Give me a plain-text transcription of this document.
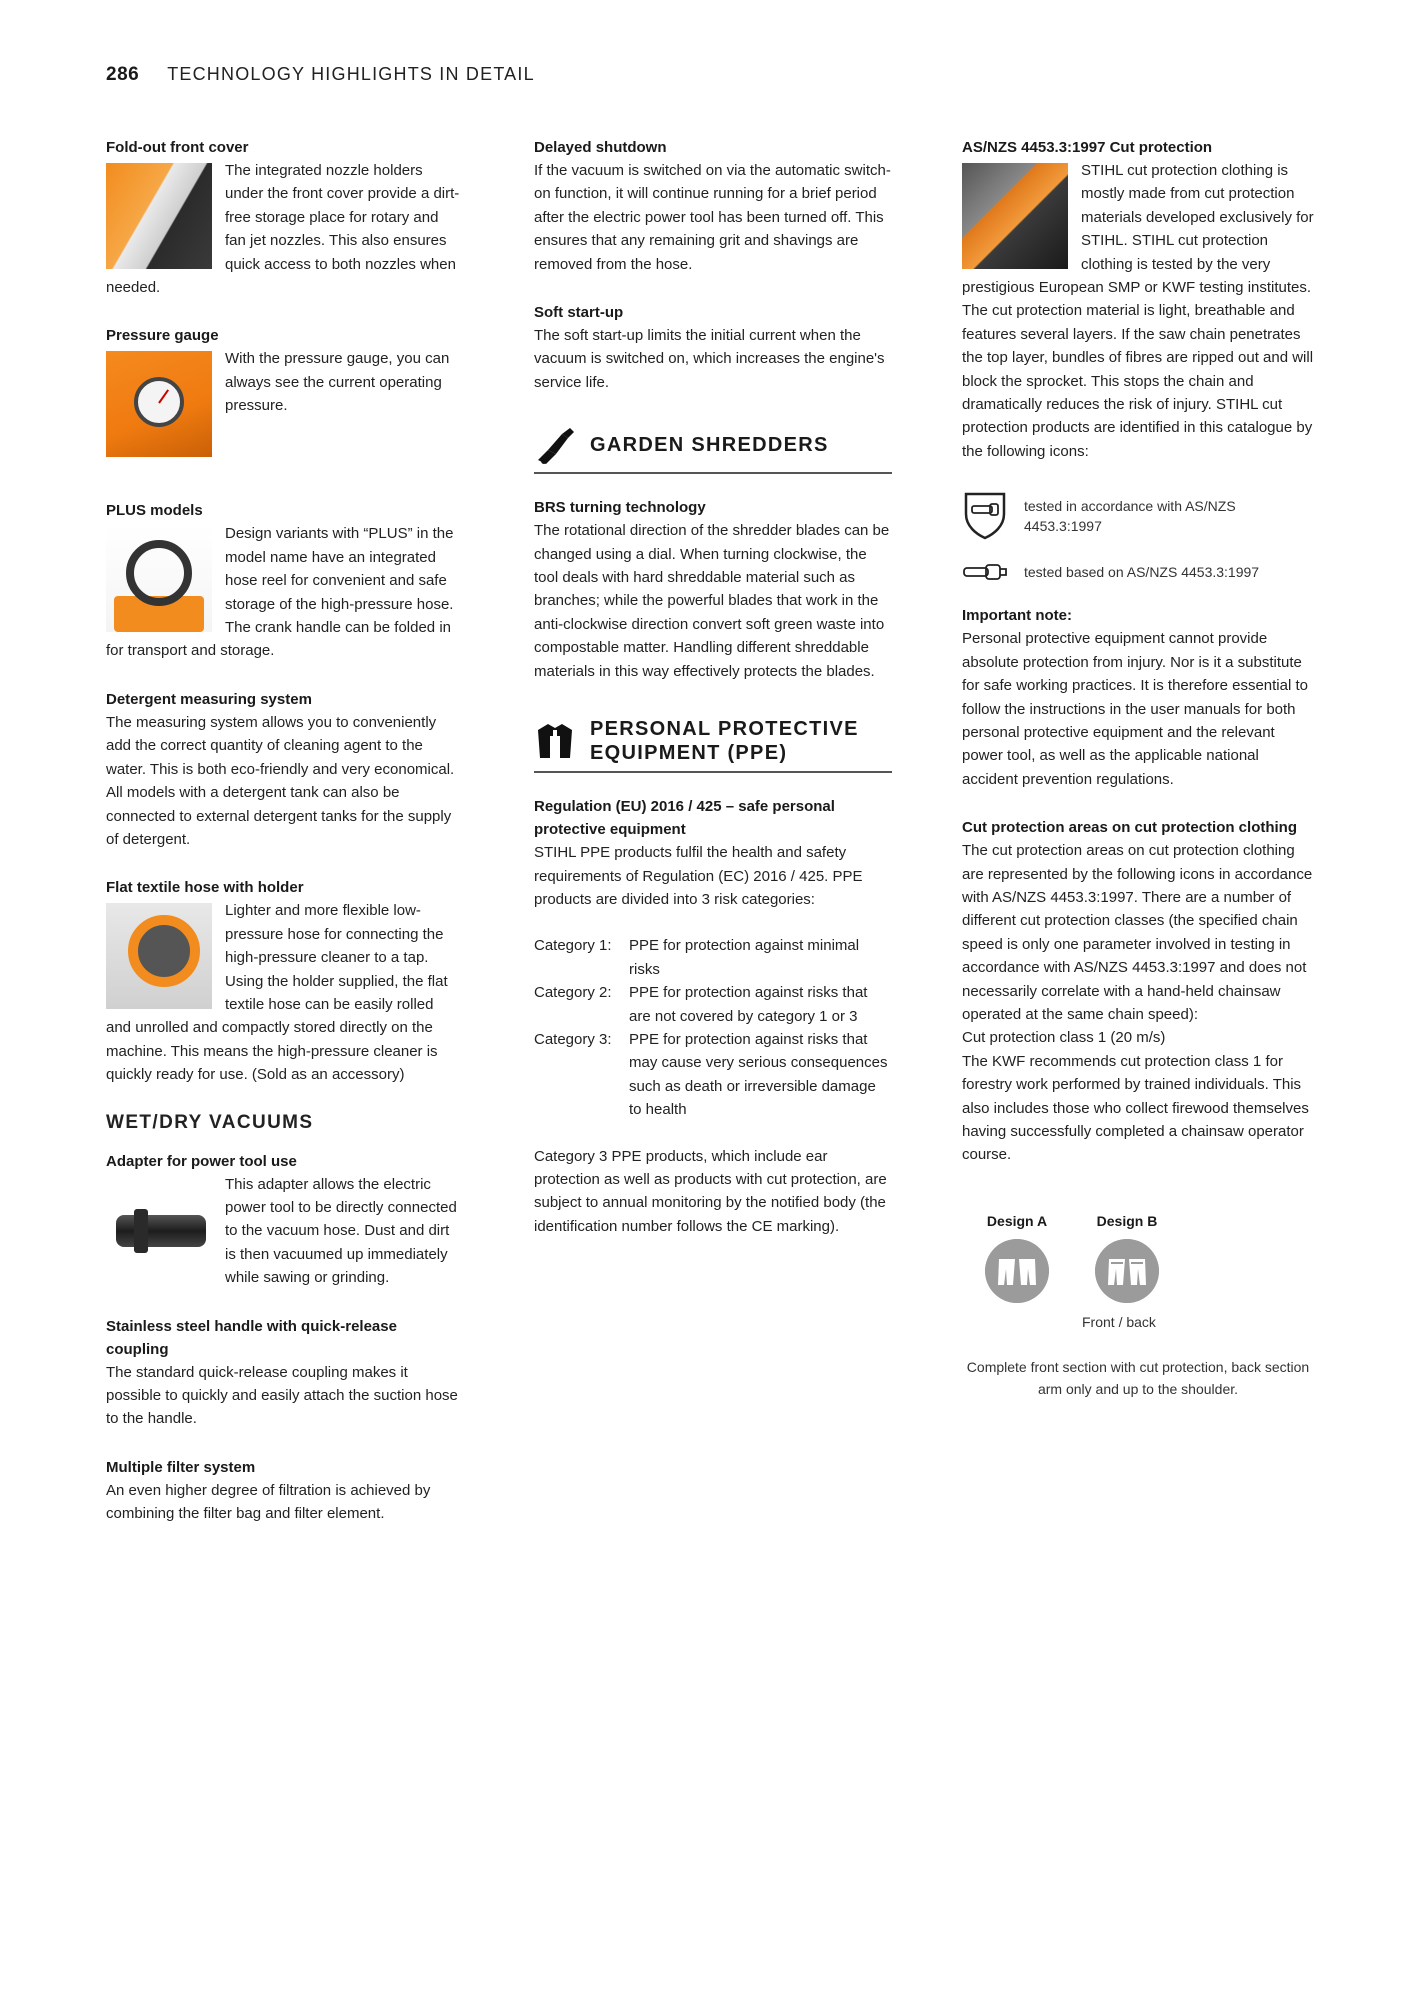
286 TECHNOLOGY HIGHLIGHTS IN DETAIL
Fold-out front cover

The integrated nozzle holders under the front cover provide a dirt-free storage place for rotary and fan jet nozzles. This also ensures quick access to both nozzles when needed.

Pressure gauge

With the pressure gauge, you can always see the current operating pressure.

PLUS models

Design variants with “PLUS” in the model name have an integrated hose reel for convenient and safe storage of the high-pressure hose. The crank handle can be folded in for transport and storage.

Detergent measuring system

The measuring system allows you to conveniently add the correct quantity of cleaning agent to the water. This is both eco-friendly and very economical. All models with a detergent tank can also be connected to external detergent tanks for the supply of detergent.

Flat textile hose with holder

Lighter and more flexible low-pressure hose for connecting the high-pressure cleaner to a tap. Using the holder supplied, the flat textile hose can be easily rolled and unrolled and compactly stored directly on the machine. This means the high-pressure cleaner is quickly ready for use. (Sold as an accessory)

WET/DRY VACUUMS
Adapter for power tool use

This adapter allows the electric power tool to be directly connected to the vacuum hose. Dust and dirt is then vacuumed up immediately while sawing or grinding.

Stainless steel handle with quick-release coupling

The standard quick-release coupling makes it possible to quickly and easily attach the suction hose to the handle.

Multiple filter system

An even higher degree of filtration is achieved by combining the filter bag and filter element.

Delayed shutdown

If the vacuum is switched on via the automatic switch-on function, it will continue running for a brief period after the electric power tool has been turned off. This ensures that any remaining grit and shavings are removed from the hose.

Soft start-up

The soft start-up limits the initial current when the vacuum is switched on, which increases the engine's service life.

GARDEN SHREDDERS
BRS turning technology

The rotational direction of the shredder blades can be changed using a dial. When turning clockwise, the tool deals with hard shreddable material such as branches; while the powerful blades that work in the anti-clockwise direction convert soft green waste into compostable matter. Handling different shreddable materials in this way effectively protects the blades.

PERSONAL PROTECTIVE
EQUIPMENT (PPE)
Regulation (EU) 2016 / 425 – safe personal protective equipment

STIHL PPE products fulfil the health and safety requirements of Regulation (EC) 2016 / 425. PPE products are divided into 3 risk categories:

Category 1:	PPE for protection against minimal risks
Category 2:	PPE for protection against risks that are not covered by category 1 or 3
Category 3:	PPE for protection against risks that may cause very serious consequences such as death or irreversible damage to health

Category 3 PPE products, which include ear protection as well as products with cut protection, are subject to annual monitoring by the notified body (the identification number follows the CE marking).

AS/NZS 4453.3:1997 Cut protection

STIHL cut protection clothing is mostly made from cut protection materials developed exclusively for STIHL. STIHL cut protection clothing is tested by the very prestigious European SMP or KWF testing institutes. The cut protection material is light, breathable and features several layers. If the saw chain penetrates the top layer, bundles of fibres are ripped out and will block the sprocket. This stops the chain and dramatically reduces the risk of injury. STIHL cut protection products are identified in this catalogue by the following icons:

tested in accordance with AS/NZS 4453.3:1997
tested based on AS/NZS 4453.3:1997
Important note:

Personal protective equipment cannot provide absolute protection from injury. Nor is it a substitute for safe working practices. It is therefore essential to follow the instructions in the user manuals for both personal protective equipment and the relevant power tool, as well as the applicable national accident prevention regulations.

Cut protection areas on cut protection clothing

The cut protection areas on cut protection clothing are represented by the following icons in accordance with AS/NZS 4453.3:1997. There are a number of different cut protection classes (the specified chain speed is only one parameter involved in testing in accordance with AS/NZS 4453.3:1997 and does not necessarily correlate with a hand-held chainsaw operated at the same chain speed):

Cut protection class 1 (20 m/s)

The KWF recommends cut protection class 1 for forestry work performed by trained individuals. This also includes those who collect firewood themselves having successfully completed a chainsaw operator course.

Design A	Design B
Front / back
Complete front section with cut protection, back section arm only and up to the shoulder.
